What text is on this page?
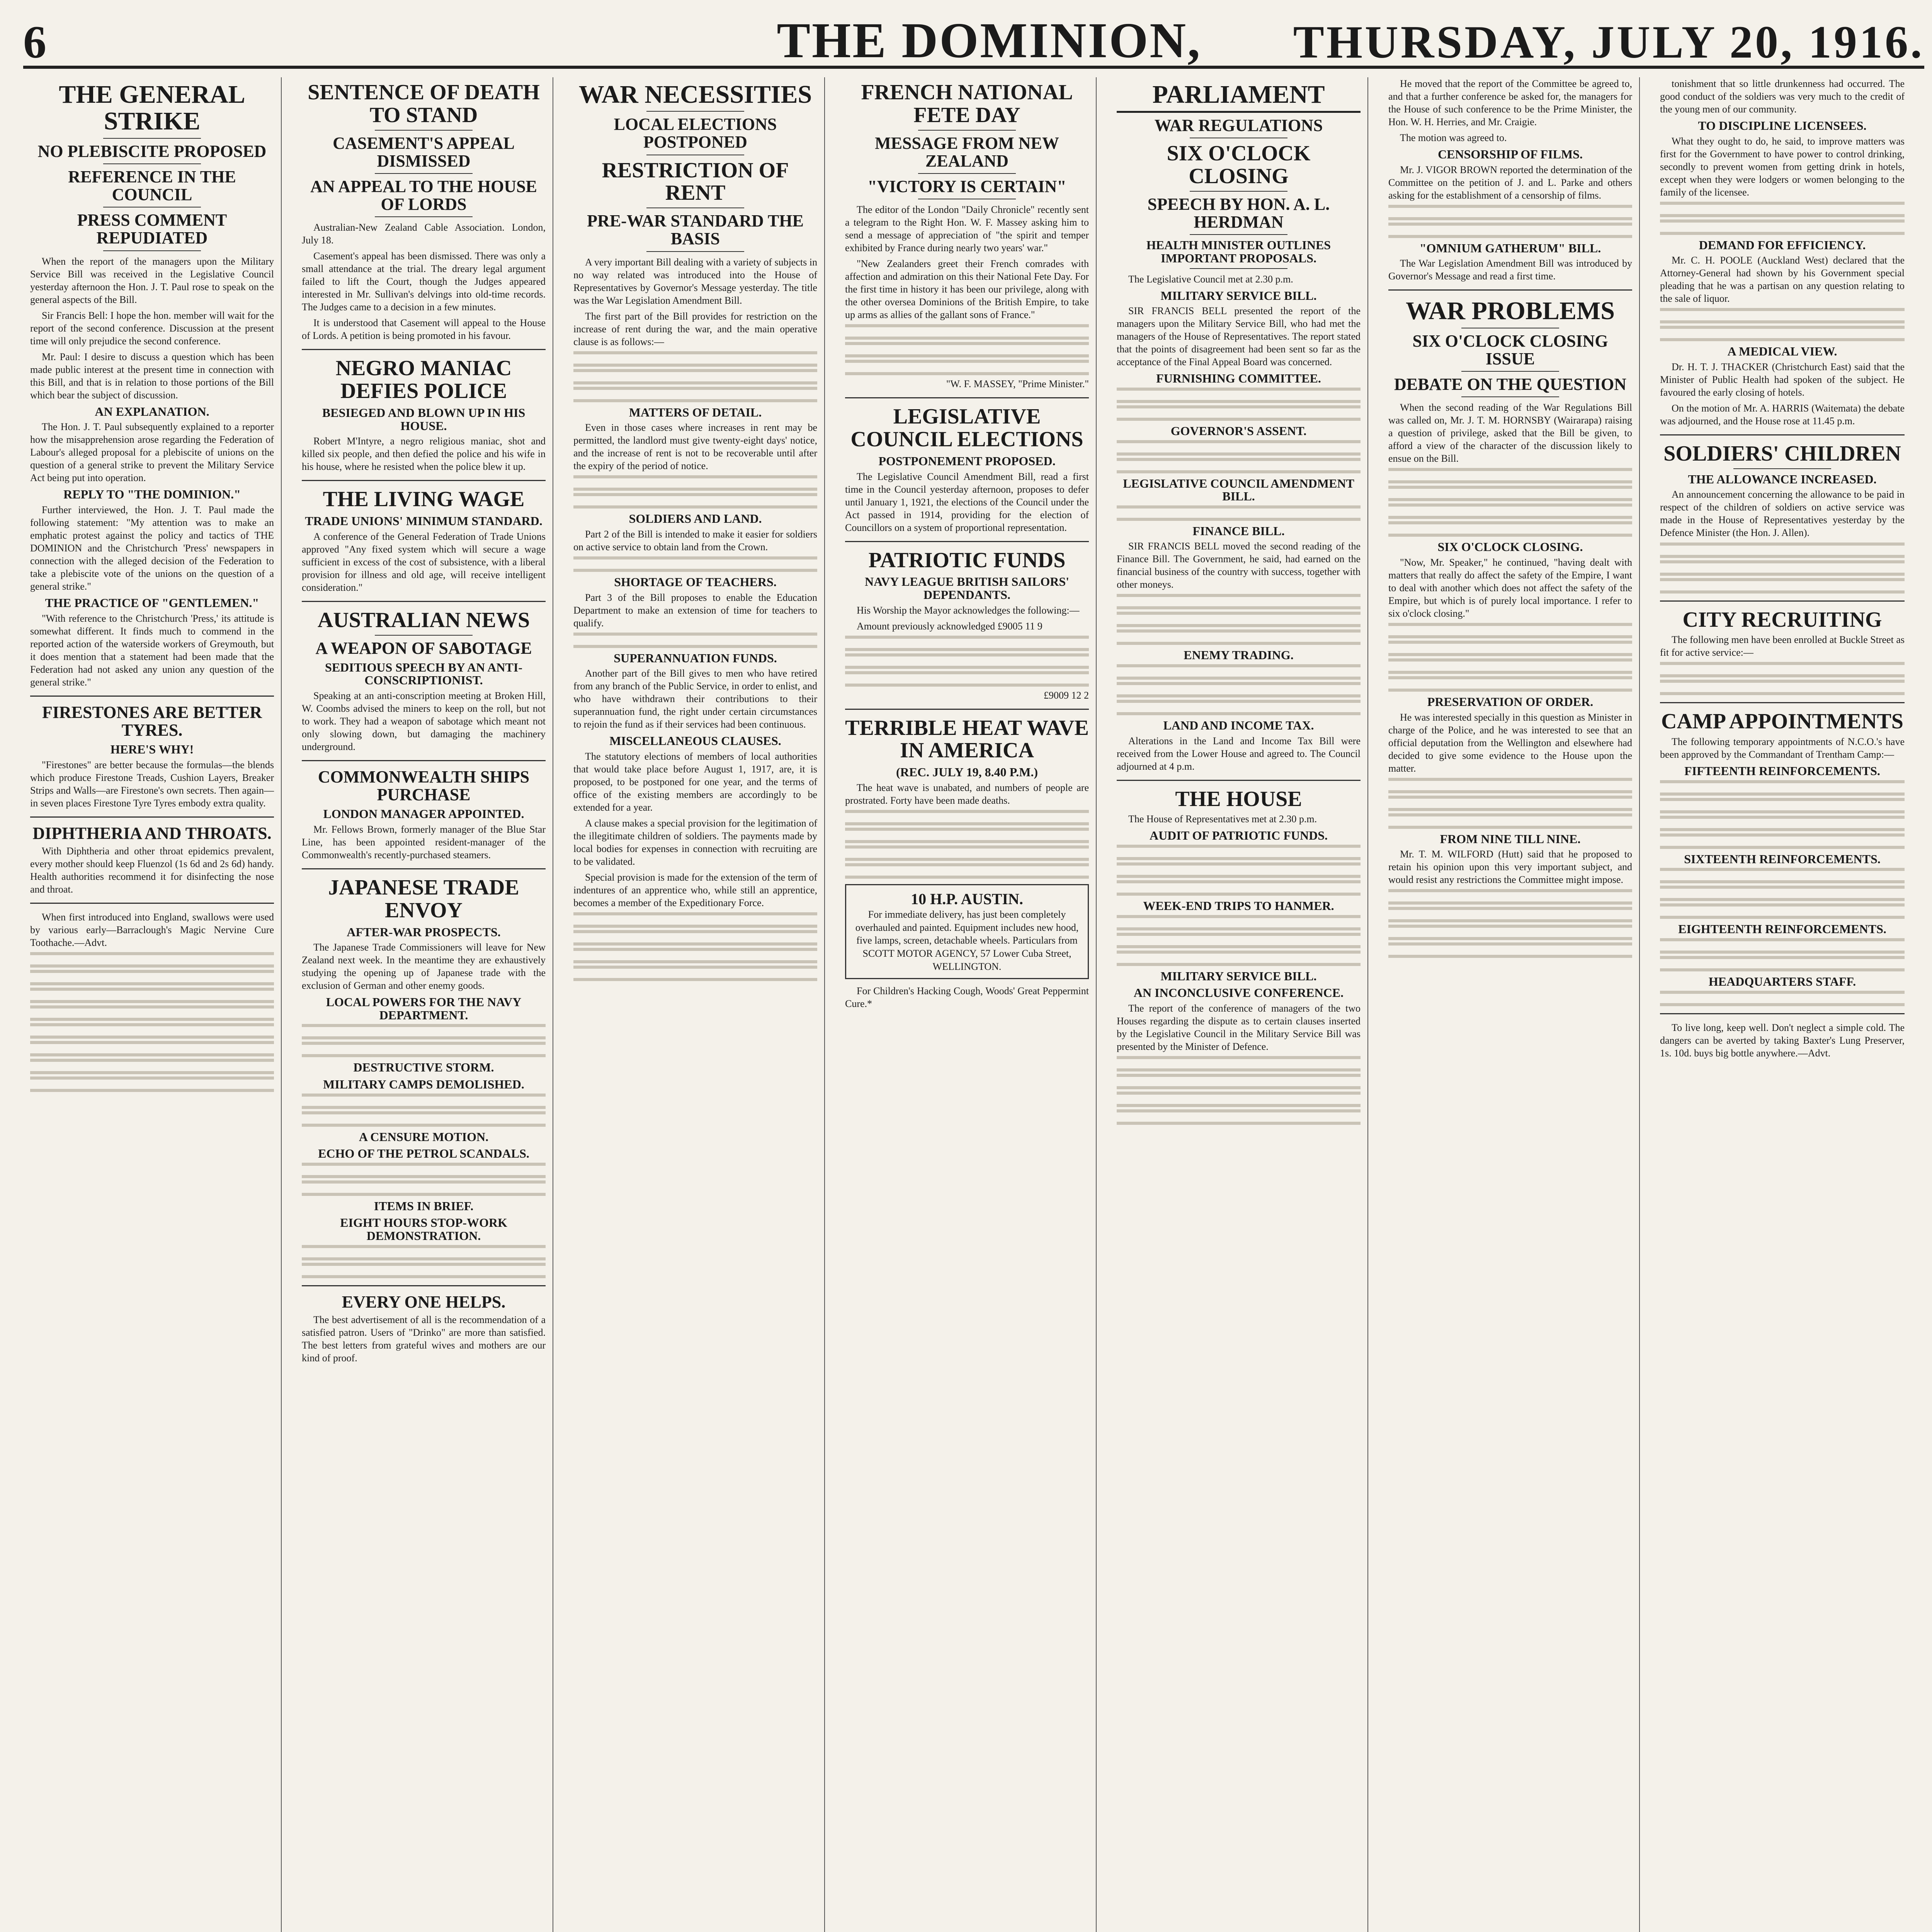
6	THE DOMINION,	THURSDAY, JULY 20, 1916.
THE GENERAL STRIKE
NO PLEBISCITE PROPOSED
REFERENCE IN THE COUNCIL
PRESS COMMENT REPUDIATED

When the report of the managers upon the Military Service Bill was received in the Legislative Council yesterday afternoon the Hon. J. T. Paul rose to speak on the general aspects of the Bill.

Sir Francis Bell: I hope the hon. member will wait for the report of the second conference. Discussion at the present time will only prejudice the second conference.

Mr. Paul: I desire to discuss a question which has been made public interest at the present time in connection with this Bill, and that is in relation to those portions of the Bill which bear the subject of discussion.

AN EXPLANATION.

The Hon. J. T. Paul subsequently explained to a reporter how the misapprehension arose regarding the Federation of Labour's alleged proposal for a plebiscite of unions on the question of a general strike to prevent the Military Service Act being put into operation.

REPLY TO "THE DOMINION."

Further interviewed, the Hon. J. T. Paul made the following statement: "My attention was to make an emphatic protest against the policy and tactics of THE DOMINION and the Christchurch 'Press' newspapers in connection with the alleged decision of the Federation to take a plebiscite vote of the unions on the question of a general strike."

THE PRACTICE OF "GENTLEMEN."

"With reference to the Christchurch 'Press,' its attitude is somewhat different. It finds much to commend in the reported action of the waterside workers of Greymouth, but it does mention that a statement had been made that the Federation had not asked any union any question of the general strike."

FIRESTONES ARE BETTER TYRES.
HERE'S WHY!

"Firestones" are better because the formulas—the blends which produce Firestone Treads, Cushion Layers, Breaker Strips and Walls—are Firestone's own secrets. Then again—in seven places Firestone Tyre Tyres embody extra quality.

DIPHTHERIA AND THROATS.

With Diphtheria and other throat epidemics prevalent, every mother should keep Fluenzol (1s 6d and 2s 6d) handy. Health authorities recommend it for disinfecting the nose and throat.

When first introduced into England, swallows were used by various early—Barraclough's Magic Nervine Cure Toothache.—Advt.

SENTENCE OF DEATH TO STAND
CASEMENT'S APPEAL DISMISSED
AN APPEAL TO THE HOUSE OF LORDS

Australian-New Zealand Cable Association. London, July 18.

Casement's appeal has been dismissed. There was only a small attendance at the trial. The dreary legal argument failed to lift the Court, though the Judges appeared interested in Mr. Sullivan's delvings into old-time records. The Judges came to a decision in a few minutes.

It is understood that Casement will appeal to the House of Lords. A petition is being promoted in his favour.

NEGRO MANIAC DEFIES POLICE
BESIEGED AND BLOWN UP IN HIS HOUSE.

Robert M'Intyre, a negro religious maniac, shot and killed six people, and then defied the police and his wife in his house, where he resisted when the police blew it up.

THE LIVING WAGE
TRADE UNIONS' MINIMUM STANDARD.

A conference of the General Federation of Trade Unions approved "Any fixed system which will secure a wage sufficient in excess of the cost of subsistence, with a liberal provision for illness and old age, will receive intelligent consideration."

AUSTRALIAN NEWS
A WEAPON OF SABOTAGE
SEDITIOUS SPEECH BY AN ANTI-CONSCRIPTIONIST.

Speaking at an anti-conscription meeting at Broken Hill, W. Coombs advised the miners to keep on the roll, but not to work. They had a weapon of sabotage which meant not only slowing down, but damaging the machinery underground.

COMMONWEALTH SHIPS PURCHASE
LONDON MANAGER APPOINTED.

Mr. Fellows Brown, formerly manager of the Blue Star Line, has been appointed resident-manager of the Commonwealth's recently-purchased steamers.

JAPANESE TRADE ENVOY
AFTER-WAR PROSPECTS.

The Japanese Trade Commissioners will leave for New Zealand next week. In the meantime they are exhaustively studying the opening up of Japanese trade with the exclusion of German and other enemy goods.

LOCAL POWERS FOR THE NAVY DEPARTMENT.
DESTRUCTIVE STORM.
MILITARY CAMPS DEMOLISHED.
A CENSURE MOTION.
ECHO OF THE PETROL SCANDALS.
ITEMS IN BRIEF.
EIGHT HOURS STOP-WORK DEMONSTRATION.
EVERY ONE HELPS.

The best advertisement of all is the recommendation of a satisfied patron. Users of "Drinko" are more than satisfied. The best letters from grateful wives and mothers are our kind of proof.

WAR NECESSITIES
LOCAL ELECTIONS POSTPONED
RESTRICTION OF RENT
PRE-WAR STANDARD THE BASIS

A very important Bill dealing with a variety of subjects in no way related was introduced into the House of Representatives by Governor's Message yesterday. The title was the War Legislation Amendment Bill.

The first part of the Bill provides for restriction on the increase of rent during the war, and the main operative clause is as follows:—

MATTERS OF DETAIL.

Even in those cases where increases in rent may be permitted, the landlord must give twenty-eight days' notice, and the increase of rent is not to be recoverable until after the expiry of the period of notice.

SOLDIERS AND LAND.

Part 2 of the Bill is intended to make it easier for soldiers on active service to obtain land from the Crown.

SHORTAGE OF TEACHERS.

Part 3 of the Bill proposes to enable the Education Department to make an extension of time for teachers to qualify.

SUPERANNUATION FUNDS.

Another part of the Bill gives to men who have retired from any branch of the Public Service, in order to enlist, and who have withdrawn their contributions to their superannuation fund, the right under certain circumstances to rejoin the fund as if their services had been continuous.

MISCELLANEOUS CLAUSES.

The statutory elections of members of local authorities that would take place before August 1, 1917, are, it is proposed, to be postponed for one year, and the terms of office of the existing members are accordingly to be extended for a year.

A clause makes a special provision for the legitimation of the illegitimate children of soldiers. The payments made by local bodies for expenses in connection with recruiting are to be validated.

Special provision is made for the extension of the term of indentures of an apprentice who, while still an apprentice, becomes a member of the Expeditionary Force.

FRENCH NATIONAL FETE DAY
MESSAGE FROM NEW ZEALAND
"VICTORY IS CERTAIN"

The editor of the London "Daily Chronicle" recently sent a telegram to the Right Hon. W. F. Massey asking him to send a message of appreciation of "the spirit and temper exhibited by France during nearly two years' war."

"New Zealanders greet their French comrades with affection and admiration on this their National Fete Day. For the first time in history it has been our privilege, along with the other oversea Dominions of the British Empire, to take up arms as allies of the gallant sons of France."

"W. F. MASSEY, "Prime Minister."

LEGISLATIVE COUNCIL ELECTIONS
POSTPONEMENT PROPOSED.

The Legislative Council Amendment Bill, read a first time in the Council yesterday afternoon, proposes to defer until January 1, 1921, the elections of the Council under the Act passed in 1914, providing for the election of Councillors on a system of proportional representation.

PATRIOTIC FUNDS
NAVY LEAGUE BRITISH SAILORS' DEPENDANTS.

His Worship the Mayor acknowledges the following:—

Amount previously acknowledged £9005 11 9

£9009 12 2

TERRIBLE HEAT WAVE IN AMERICA
(REC. JULY 19, 8.40 P.M.)

The heat wave is unabated, and numbers of people are prostrated. Forty have been made deaths.

10 H.P. AUSTIN.
For immediate delivery, has just been completely overhauled and painted. Equipment includes new hood, five lamps, screen, detachable wheels. Particulars from
SCOTT MOTOR AGENCY, 57 Lower Cuba Street, WELLINGTON.

For Children's Hacking Cough, Woods' Great Peppermint Cure.*

PARLIAMENT
WAR REGULATIONS
SIX O'CLOCK CLOSING
SPEECH BY HON. A. L. HERDMAN
HEALTH MINISTER OUTLINES IMPORTANT PROPOSALS.

The Legislative Council met at 2.30 p.m.

MILITARY SERVICE BILL.

SIR FRANCIS BELL presented the report of the managers upon the Military Service Bill, who had met the managers of the House of Representatives. The report stated that the points of disagreement had been sent so far as the acceptance of the Final Appeal Board was concerned.

FURNISHING COMMITTEE.
GOVERNOR'S ASSENT.
LEGISLATIVE COUNCIL AMENDMENT BILL.
FINANCE BILL.

SIR FRANCIS BELL moved the second reading of the Finance Bill. The Government, he said, had earned on the financial business of the country with success, together with other moneys.

ENEMY TRADING.
LAND AND INCOME TAX.

Alterations in the Land and Income Tax Bill were received from the Lower House and agreed to. The Council adjourned at 4 p.m.

THE HOUSE

The House of Representatives met at 2.30 p.m.

AUDIT OF PATRIOTIC FUNDS.
WEEK-END TRIPS TO HANMER.
MILITARY SERVICE BILL.
AN INCONCLUSIVE CONFERENCE.

The report of the conference of managers of the two Houses regarding the dispute as to certain clauses inserted by the Legislative Council in the Military Service Bill was presented by the Minister of Defence.

He moved that the report of the Committee be agreed to, and that a further conference be asked for, the managers for the House of such conference to be the Prime Minister, the Hon. W. H. Herries, and Mr. Craigie.

The motion was agreed to.

CENSORSHIP OF FILMS.

Mr. J. VIGOR BROWN reported the determination of the Committee on the petition of J. and L. Parke and others asking for the establishment of a censorship of films.

"OMNIUM GATHERUM" BILL.

The War Legislation Amendment Bill was introduced by Governor's Message and read a first time.

WAR PROBLEMS
SIX O'CLOCK CLOSING ISSUE
DEBATE ON THE QUESTION

When the second reading of the War Regulations Bill was called on, Mr. J. T. M. HORNSBY (Wairarapa) raising a question of privilege, asked that the Bill be given, to afford a view of the character of the discussion likely to ensue on the Bill.

SIX O'CLOCK CLOSING.

"Now, Mr. Speaker," he continued, "having dealt with matters that really do affect the safety of the Empire, I want to deal with another which does not affect the safety of the Empire, but which is of purely local importance. I refer to six o'clock closing."

PRESERVATION OF ORDER.

He was interested specially in this question as Minister in charge of the Police, and he was interested to see that an official deputation from the Wellington and elsewhere had decided to give some evidence to the House upon the matter.

FROM NINE TILL NINE.

Mr. T. M. WILFORD (Hutt) said that he proposed to retain his opinion upon this very important subject, and would resist any restrictions the Committee might impose.

tonishment that so little drunkenness had occurred. The good conduct of the soldiers was very much to the credit of the young men of our community.

TO DISCIPLINE LICENSEES.

What they ought to do, he said, to improve matters was first for the Government to have power to control drinking, secondly to prevent women from getting drink in hotels, except when they were lodgers or women belonging to the family of the licensee.

DEMAND FOR EFFICIENCY.

Mr. C. H. POOLE (Auckland West) declared that the Attorney-General had shown by his Government special pleading that he was a partisan on any question relating to the sale of liquor.

A MEDICAL VIEW.

Dr. H. T. J. THACKER (Christchurch East) said that the Minister of Public Health had spoken of the subject. He favoured the early closing of hotels.

On the motion of Mr. A. HARRIS (Waitemata) the debate was adjourned, and the House rose at 11.45 p.m.

SOLDIERS' CHILDREN
THE ALLOWANCE INCREASED.

An announcement concerning the allowance to be paid in respect of the children of soldiers on active service was made in the House of Representatives yesterday by the Defence Minister (the Hon. J. Allen).

CITY RECRUITING

The following men have been enrolled at Buckle Street as fit for active service:—

CAMP APPOINTMENTS

The following temporary appointments of N.C.O.'s have been approved by the Commandant of Trentham Camp:—

FIFTEENTH REINFORCEMENTS.
SIXTEENTH REINFORCEMENTS.
EIGHTEENTH REINFORCEMENTS.
HEADQUARTERS STAFF.

To live long, keep well. Don't neglect a simple cold. The dangers can be averted by taking Baxter's Lung Preserver, 1s. 10d. buys big bottle anywhere.—Advt.
